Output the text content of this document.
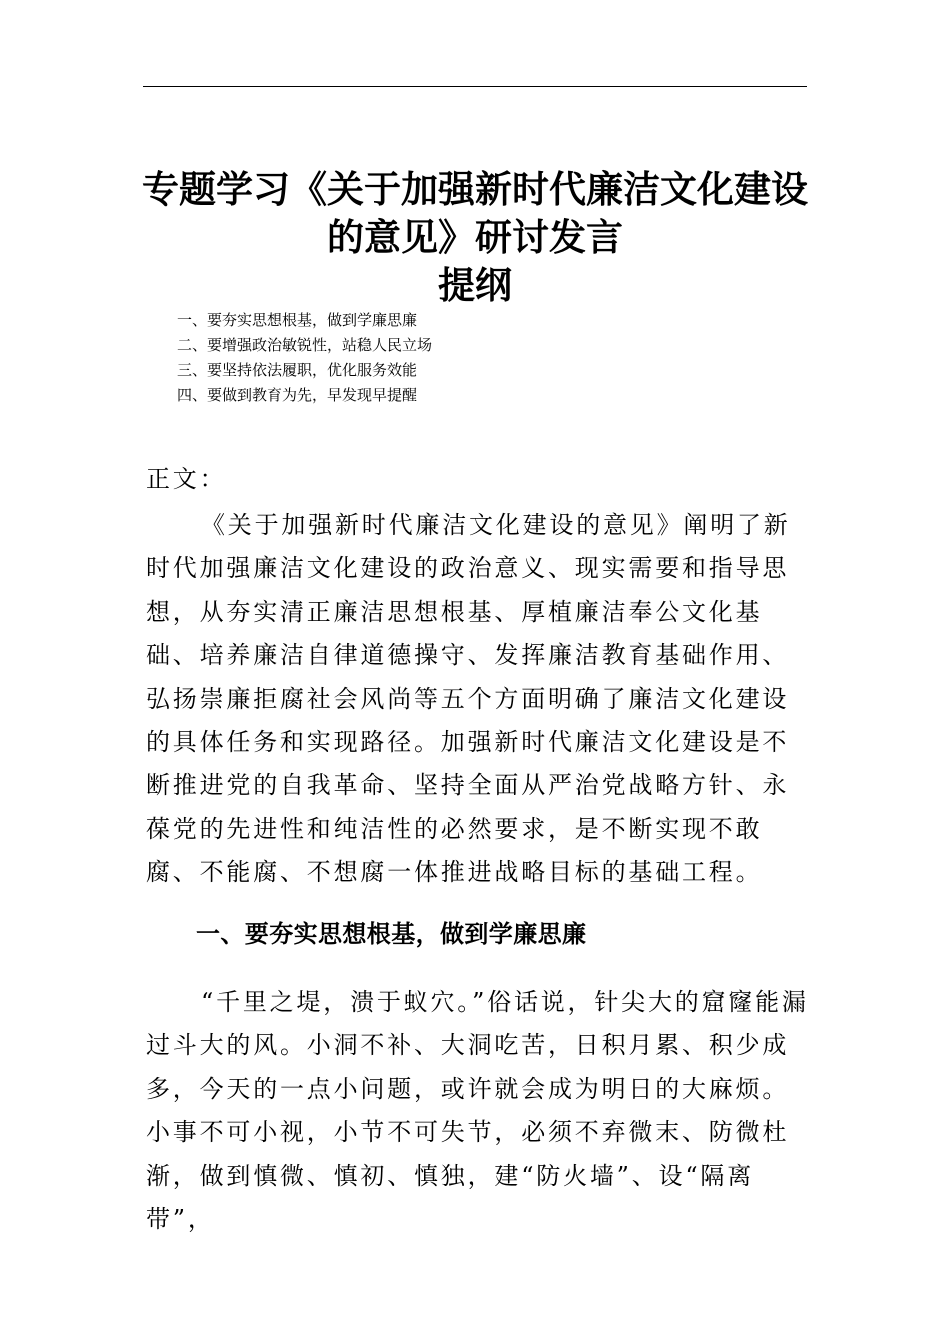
专题学习《关于加强新时代廉洁文化建设
的意见》研讨发言
提纲
一、要夯实思想根基，做到学廉思廉
二、要增强政治敏锐性，站稳人民立场
三、要坚持依法履职，优化服务效能
四、要做到教育为先，早发现早提醒

正文：

《关于加强新时代廉洁文化建设的意见》阐明了新时代加强廉洁文化建设的政治意义、现实需要和指导思想，从夯实清正廉洁思想根基、厚植廉洁奉公文化基础、培养廉洁自律道德操守、发挥廉洁教育基础作用、弘扬崇廉拒腐社会风尚等五个方面明确了廉洁文化建设的具体任务和实现路径。加强新时代廉洁文化建设是不断推进党的自我革命、坚持全面从严治党战略方针、永葆党的先进性和纯洁性的必然要求，是不断实现不敢腐、不能腐、不想腐一体推进战略目标的基础工程。

一、要夯实思想根基，做到学廉思廉

“千里之堤，溃于蚁穴。”俗话说，针尖大的窟窿能漏过斗大的风。小洞不补、大洞吃苦，日积月累、积少成多，今天的一点小问题，或许就会成为明日的大麻烦。小事不可小视，小节不可失节，必须不弃微末、防微杜渐，做到慎微、慎初、慎独，建“防火墙”、设“隔离带”，
